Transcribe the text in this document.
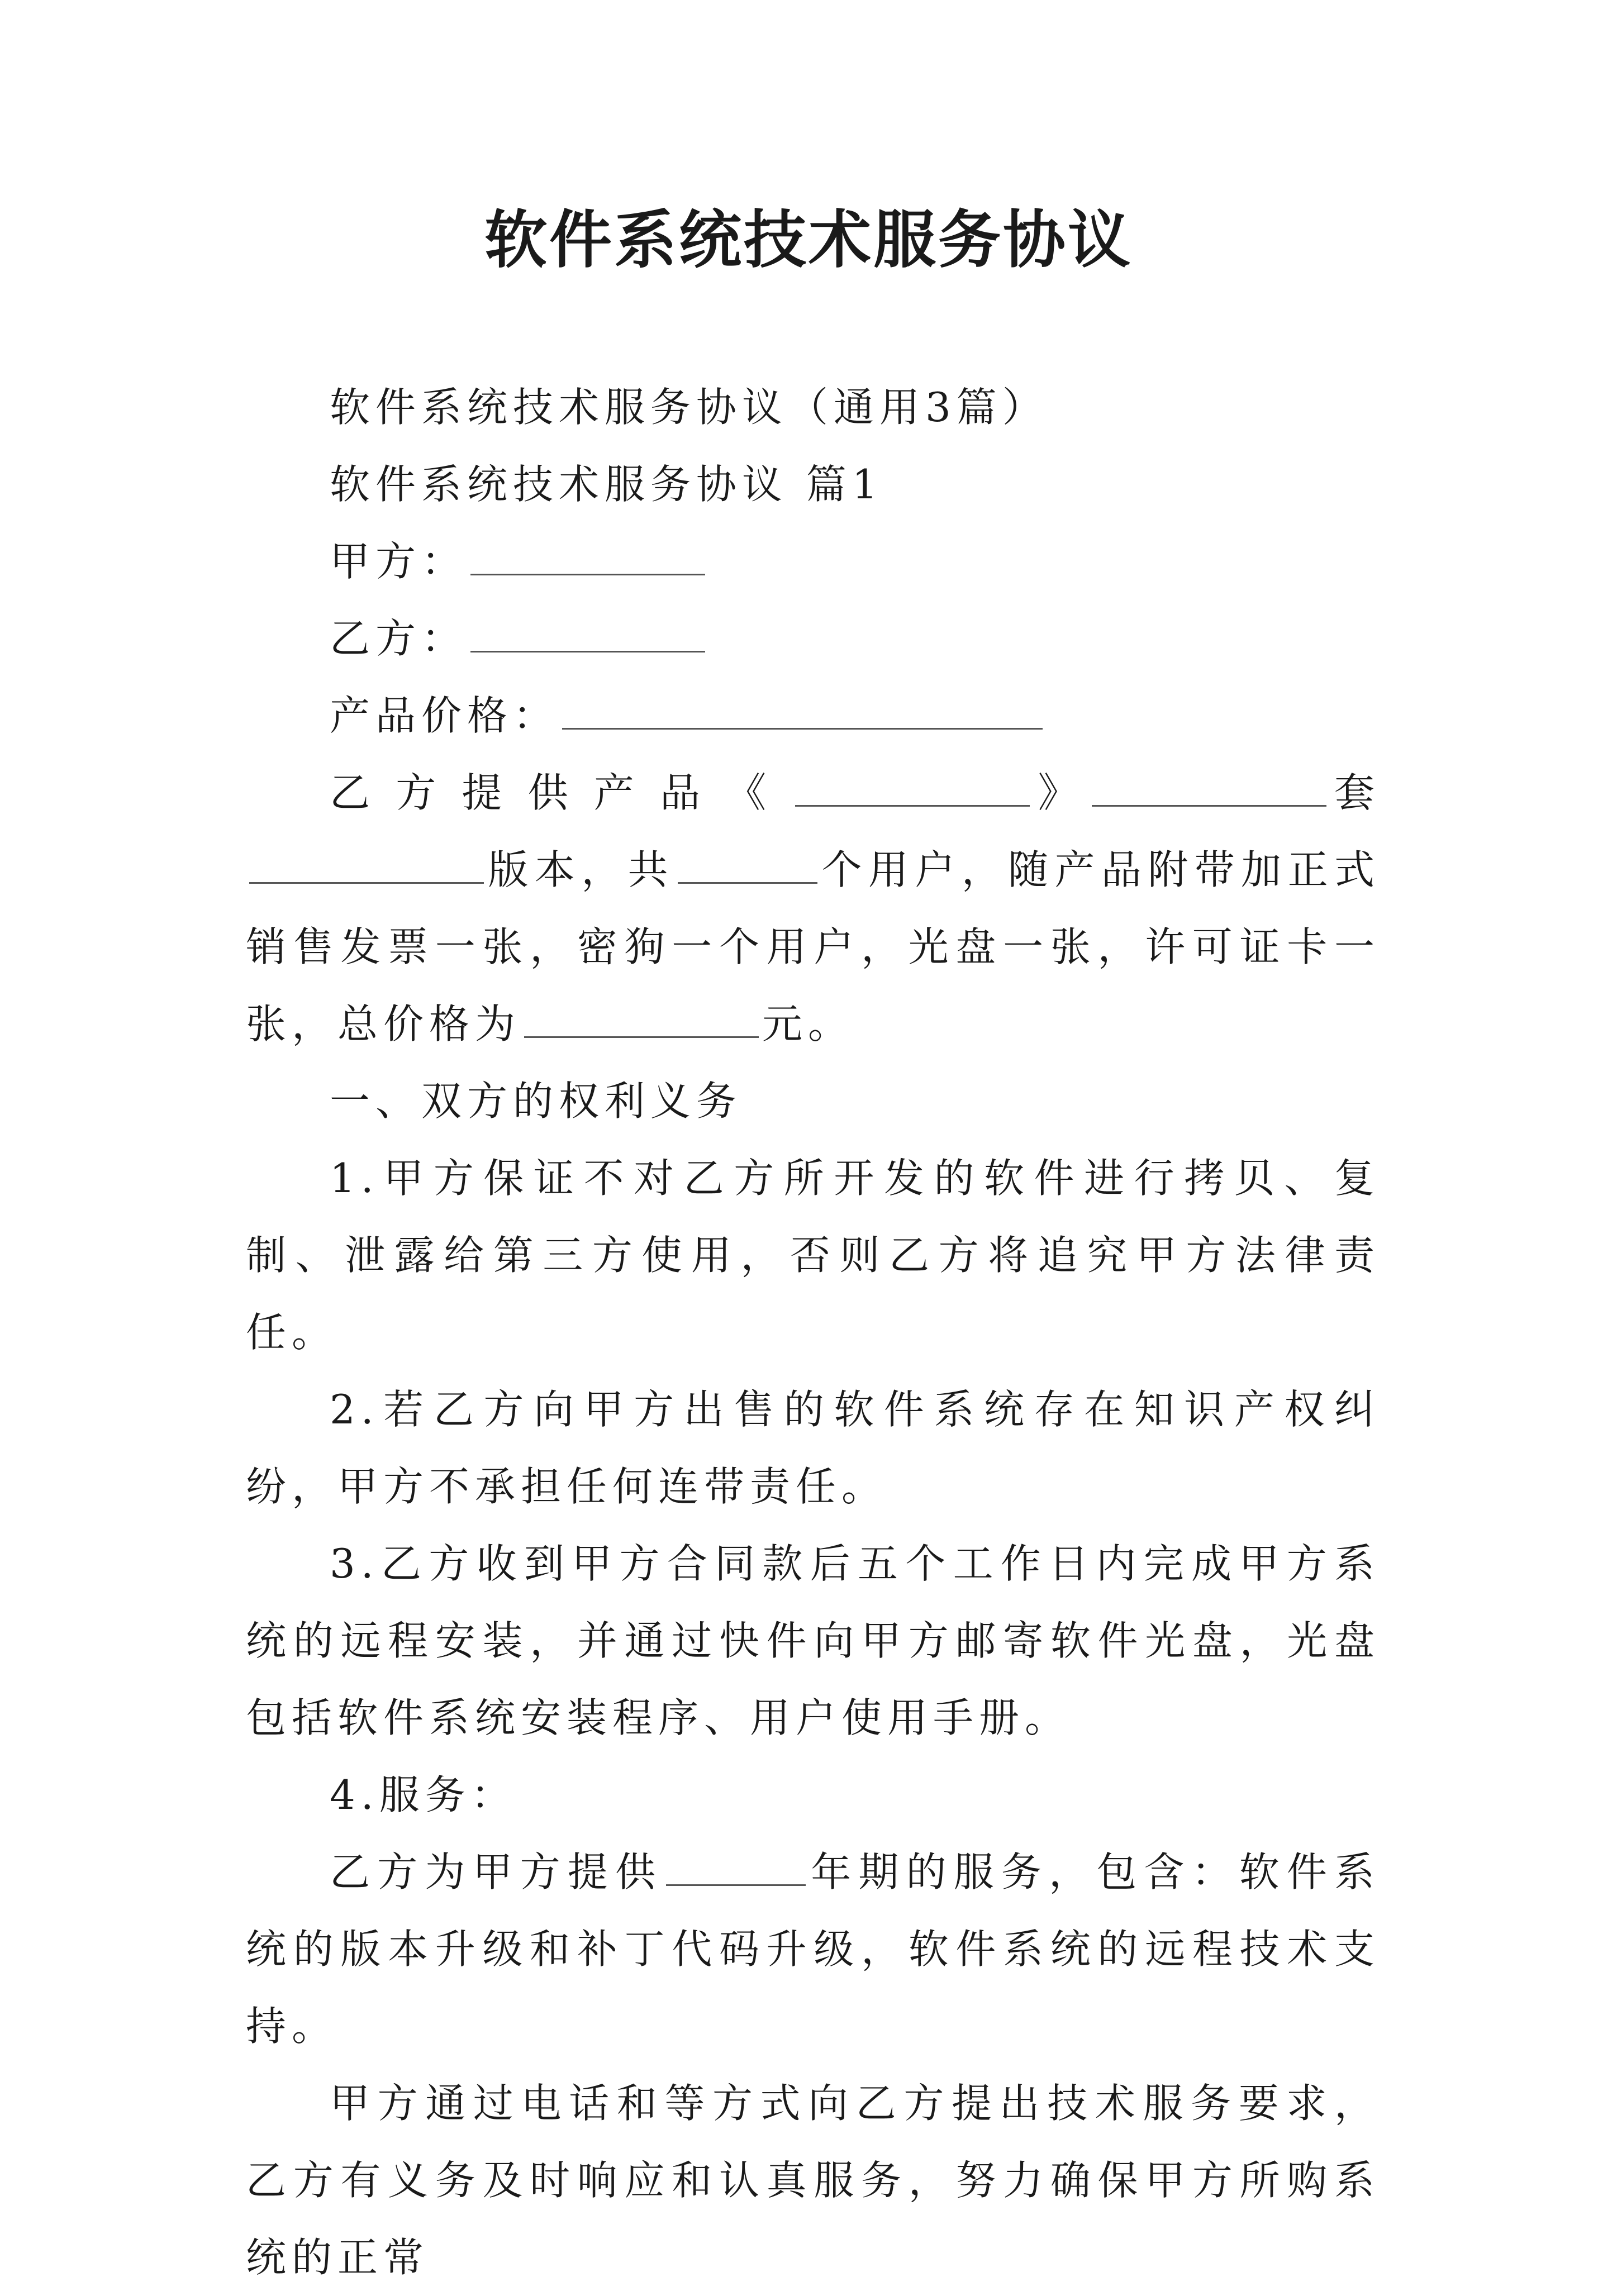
软件系统技术服务协议

软件系统技术服务协议（通用3篇）

软件系统技术服务协议 篇1

甲方：

乙方：

产品价格：

乙方提供产品《	》	套版本，共	个用户，随产品附带加正式销售发票一张，密狗一个用户，光盘一张，许可证卡一张，总价格为	元。

一、双方的权利义务

1.甲方保证不对乙方所开发的软件进行拷贝、复制、泄露给第三方使用，否则乙方将追究甲方法律责任。

2.若乙方向甲方出售的软件系统存在知识产权纠纷，甲方不承担任何连带责任。

3.乙方收到甲方合同款后五个工作日内完成甲方系统的远程安装，并通过快件向甲方邮寄软件光盘，光盘包括软件系统安装程序、用户使用手册。

4.服务：

乙方为甲方提供	年期的服务，包含：软件系统的版本升级和补丁代码升级，软件系统的远程技术支持。

甲方通过电话和等方式向乙方提出技术服务要求，乙方有义务及时响应和认真服务，努力确保甲方所购系统的正常
